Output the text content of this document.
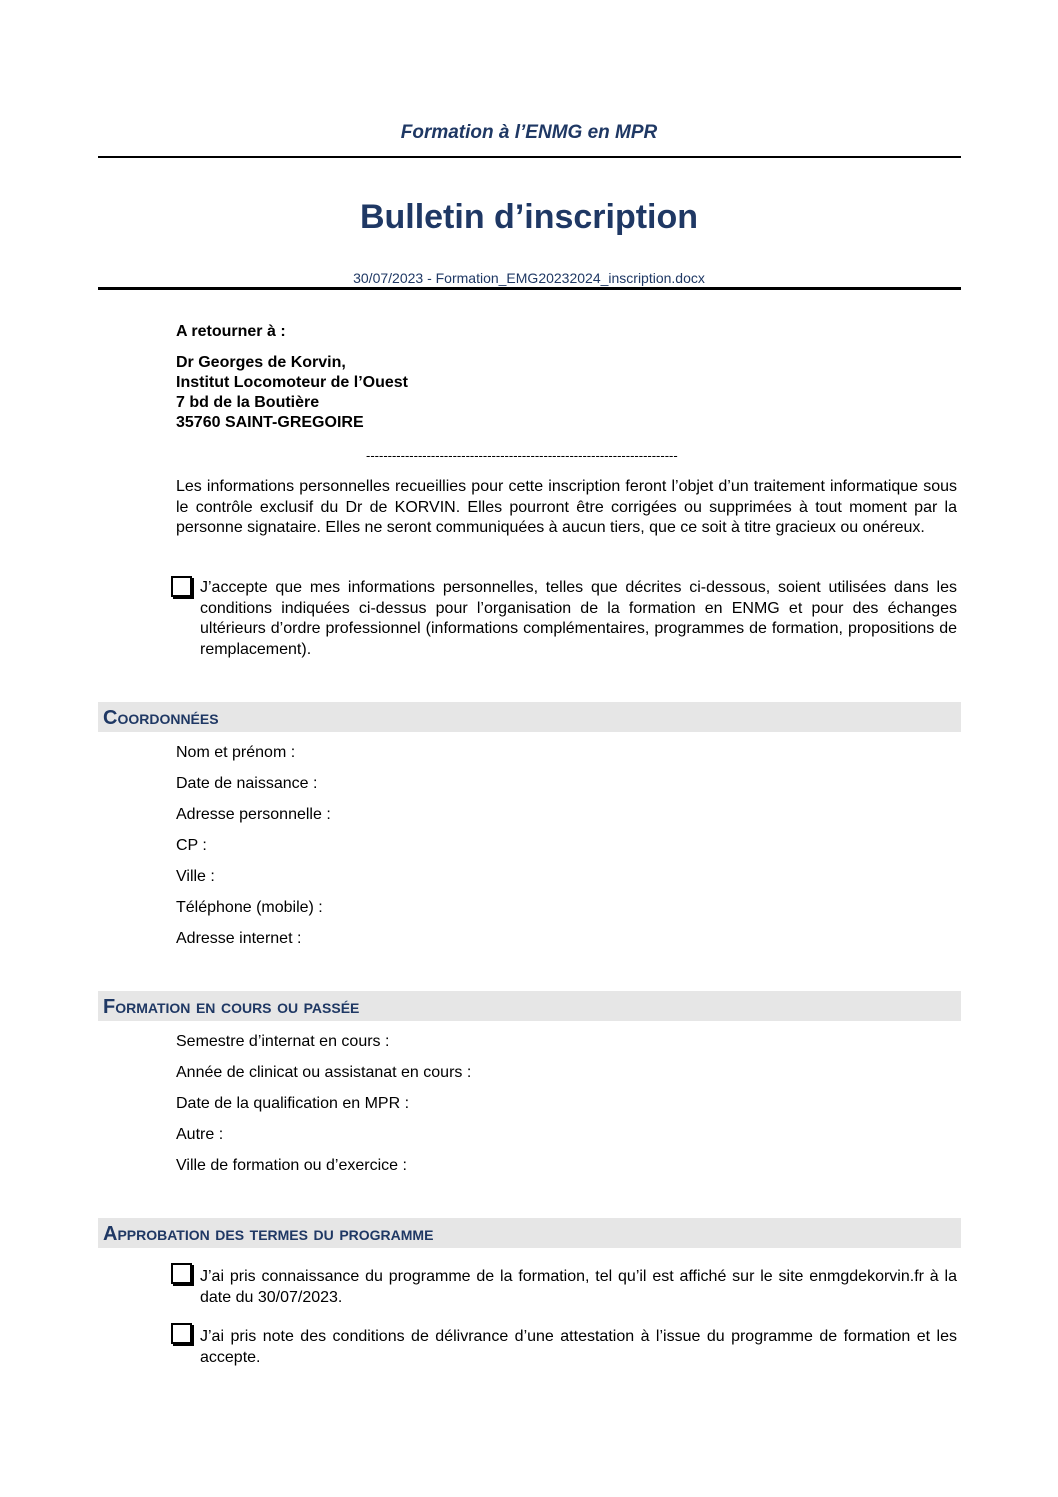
Formation à l’ENMG en MPR
Bulletin d’inscription
30/07/2023 - Formation_EMG20232024_inscription.docx
A retourner à :
Dr Georges de Korvin,
Institut Locomoteur de l’Ouest
7 bd de la Boutière
35760 SAINT-GREGOIRE
------------------------------------------------------------------------
Les informations personnelles recueillies pour cette inscription feront l’objet d’un traitement informatique sous le contrôle exclusif du Dr de KORVIN. Elles pourront être corrigées ou supprimées à tout moment par la personne signataire. Elles ne seront communiquées à aucun tiers, que ce soit à titre gracieux ou onéreux.
J’accepte que mes informations personnelles, telles que décrites ci-dessous, soient utilisées dans les conditions indiquées ci-dessus pour l’organisation de la formation en ENMG et pour des échanges ultérieurs d’ordre professionnel (informations complémentaires, programmes de formation, propositions de remplacement).
Coordonnées
Nom et prénom :
Date de naissance :
Adresse personnelle :
CP :
Ville :
Téléphone (mobile) :
Adresse internet :
Formation en cours ou passée
Semestre d’internat en cours :
Année de clinicat ou assistanat en cours :
Date de la qualification en MPR :
Autre :
Ville de formation ou d’exercice :
Approbation des termes du programme
J’ai pris connaissance du programme de la formation, tel qu’il est affiché sur le site enmgdekorvin.fr à la date du 30/07/2023.
J’ai pris note des conditions de délivrance d’une attestation à l’issue du programme de formation et les accepte.
